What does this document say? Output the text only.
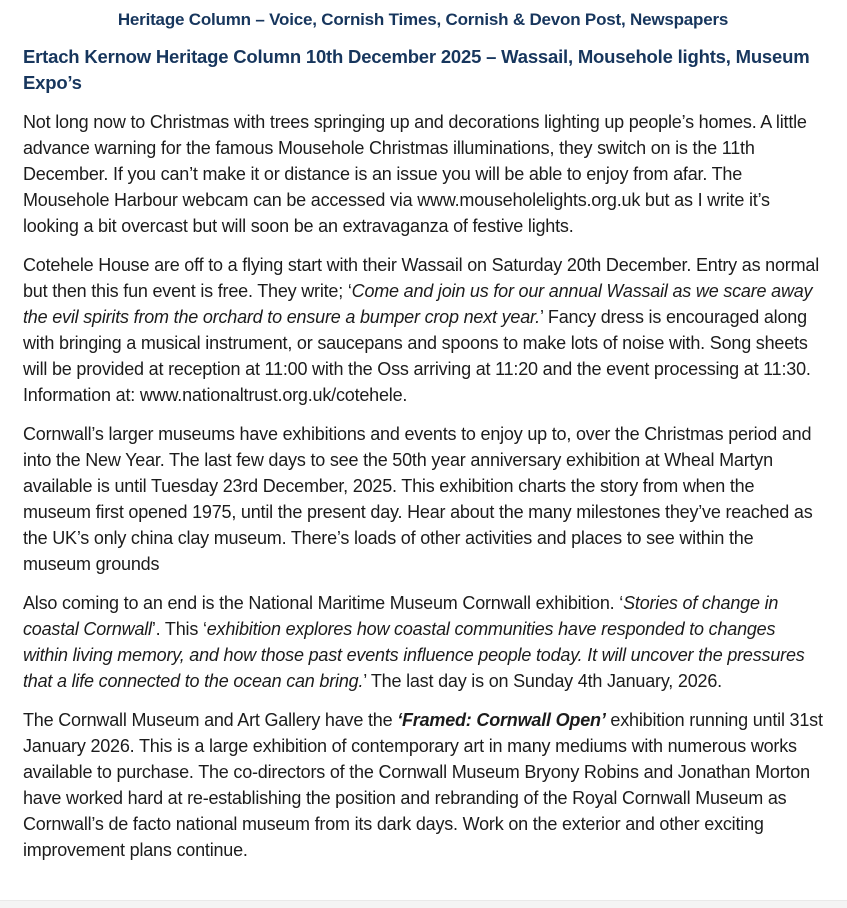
Heritage Column – Voice, Cornish Times, Cornish & Devon Post, Newspapers
Ertach Kernow Heritage Column 10th December 2025 – Wassail, Mousehole lights, Museum Expo’s

Not long now to Christmas with trees springing up and decorations lighting up people’s homes. A little advance warning for the famous Mousehole Christmas illuminations, they switch on is the 11th December. If you can’t make it or distance is an issue you will be able to enjoy from afar. The Mousehole Harbour webcam can be accessed via www.mouseholelights.org.uk but as I write it’s looking a bit overcast but will soon be an extravaganza of festive lights.

Cotehele House are off to a flying start with their Wassail on Saturday 20th December. Entry as normal but then this fun event is free. They write; ‘Come and join us for our annual Wassail as we scare away the evil spirits from the orchard to ensure a bumper crop next year.’ Fancy dress is encouraged along with bringing a musical instrument, or saucepans and spoons to make lots of noise with. Song sheets will be provided at reception at 11:00 with the Oss arriving at 11:20 and the event processing at 11:30. Information at: www.nationaltrust.org.uk/cotehele.

Cornwall’s larger museums have exhibitions and events to enjoy up to, over the Christmas period and into the New Year. The last few days to see the 50th year anniversary exhibition at Wheal Martyn available is until Tuesday 23rd December, 2025. This exhibition charts the story from when the museum first opened 1975, until the present day. Hear about the many milestones they’ve reached as the UK’s only china clay museum. There’s loads of other activities and places to see within the museum grounds

Also coming to an end is the National Maritime Museum Cornwall exhibition. ‘Stories of change in coastal Cornwall’. This ‘exhibition explores how coastal communities have responded to changes within living memory, and how those past events influence people today. It will uncover the pressures that a life connected to the ocean can bring.’ The last day is on Sunday 4th January, 2026.

The Cornwall Museum and Art Gallery have the ‘Framed: Cornwall Open’ exhibition running until 31st January 2026. This is a large exhibition of contemporary art in many mediums with numerous works available to purchase. The co-directors of the Cornwall Museum Bryony Robins and Jonathan Morton have worked hard at re-establishing the position and rebranding of the Royal Cornwall Museum as Cornwall’s de facto national museum from its dark days. Work on the exterior and other exciting improvement plans continue.
